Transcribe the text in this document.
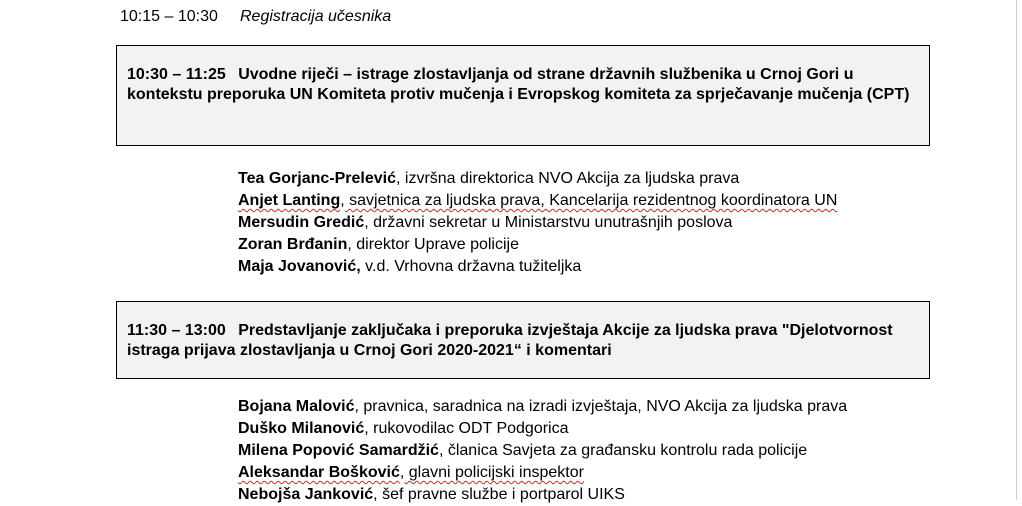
10:15 – 10:30 Registracija učesnika
10:30 – 11:25 Uvodne riječi – istrage zlostavljanja od strane državnih službenika u Crnoj Gori u kontekstu preporuka UN Komiteta protiv mučenja i Evropskog komiteta za sprječavanje mučenja (CPT)
Tea Gorjanc-Prelević, izvršna direktorica NVO Akcija za ljudska prava
Anjet Lanting, savjetnica za ljudska prava, Kancelarija rezidentnog koordinatora UN
Mersudin Gredić, državni sekretar u Ministarstvu unutrašnjih poslova
Zoran Brđanin, direktor Uprave policije
Maja Jovanović, v.d. Vrhovna državna tužiteljka
11:30 – 13:00 Predstavljanje zaključaka i preporuka izvještaja Akcije za ljudska prava "Djelotvornost istraga prijava zlostavljanja u Crnoj Gori 2020-2021“ i komentari
Bojana Malović, pravnica, saradnica na izradi izvještaja, NVO Akcija za ljudska prava
Duško Milanović, rukovodilac ODT Podgorica
Milena Popović Samardžić, članica Savjeta za građansku kontrolu rada policije
Aleksandar Bošković, glavni policijski inspektor
Nebojša Janković, šef pravne službe i portparol UIKS
